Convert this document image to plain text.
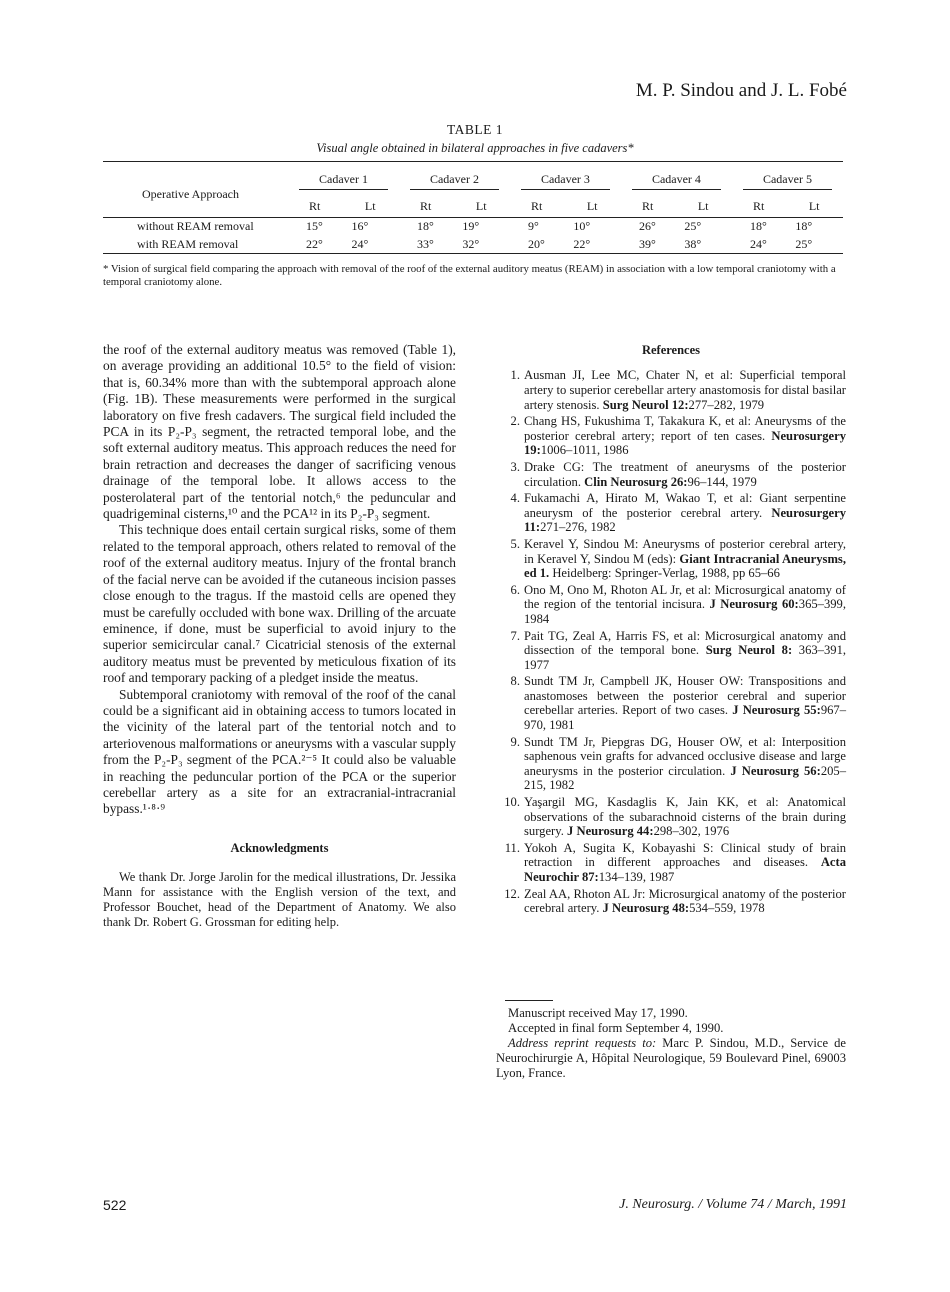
M. P. Sindou and J. L. Fobé
TABLE 1
Visual angle obtained in bilateral approaches in five cadavers*

Operative Approach	Cadaver 1		Cadaver 2		Cadaver 3		Cadaver 4		Cadaver 5	
	Rt	Lt	Rt	Lt	Rt	Lt	Rt	Lt	Rt	Lt
without REAM removal	15°	16°	18°	19°	9°	10°	26°	25°	18°	18°
with REAM removal	22°	24°	33°	32°	20°	22°	39°	38°	24°	25°
* Vision of surgical field comparing the approach with removal of the roof of the external auditory meatus (REAM) in association with a low temporal craniotomy with a temporal craniotomy alone.

the roof of the external auditory meatus was removed (Table 1), on average providing an additional 10.5° to the field of vision: that is, 60.34% more than with the subtemporal approach alone (Fig. 1B). These measurements were performed in the surgical laboratory on five fresh cadavers. The surgical field included the PCA in its P₂-P₃ segment, the retracted temporal lobe, and the soft external auditory meatus. This approach reduces the need for brain retraction and decreases the danger of sacrificing venous drainage of the temporal lobe. It allows access to the posterolateral part of the tentorial notch,⁶ the peduncular and quadrigeminal cisterns,¹⁰ and the PCA¹² in its P₂-P₃ segment.

This technique does entail certain surgical risks, some of them related to the temporal approach, others related to removal of the roof of the external auditory meatus. Injury of the frontal branch of the facial nerve can be avoided if the cutaneous incision passes close enough to the tragus. If the mastoid cells are opened they must be carefully occluded with bone wax. Drilling of the arcuate eminence, if done, must be superficial to avoid injury to the superior semicircular canal.⁷ Cicatricial stenosis of the external auditory meatus must be prevented by meticulous fixation of its roof and temporary packing of a pledget inside the meatus.

Subtemporal craniotomy with removal of the roof of the canal could be a significant aid in obtaining access to tumors located in the vicinity of the lateral part of the tentorial notch and to arteriovenous malformations or aneurysms with a vascular supply from the P₂-P₃ segment of the PCA.²⁻⁵ It could also be valuable in reaching the peduncular portion of the PCA or the superior cerebellar artery as a site for an extracranial-intracranial bypass.¹·⁸·⁹

Acknowledgments

We thank Dr. Jorge Jarolin for the medical illustrations, Dr. Jessika Mann for assistance with the English version of the text, and Professor Bouchet, head of the Department of Anatomy. We also thank Dr. Robert G. Grossman for editing help.

References
1. Ausman JI, Lee MC, Chater N, et al: Superficial temporal artery to superior cerebellar artery anastomosis for distal basilar artery stenosis. Surg Neurol 12:277–282, 1979
2. Chang HS, Fukushima T, Takakura K, et al: Aneurysms of the posterior cerebral artery; report of ten cases. Neurosurgery 19:1006–1011, 1986
3. Drake CG: The treatment of aneurysms of the posterior circulation. Clin Neurosurg 26:96–144, 1979
4. Fukamachi A, Hirato M, Wakao T, et al: Giant serpentine aneurysm of the posterior cerebral artery. Neurosurgery 11:271–276, 1982
5. Keravel Y, Sindou M: Aneurysms of posterior cerebral artery, in Keravel Y, Sindou M (eds): Giant Intracranial Aneurysms, ed 1. Heidelberg: Springer-Verlag, 1988, pp 65–66
6. Ono M, Ono M, Rhoton AL Jr, et al: Microsurgical anatomy of the region of the tentorial incisura. J Neurosurg 60:365–399, 1984
7. Pait TG, Zeal A, Harris FS, et al: Microsurgical anatomy and dissection of the temporal bone. Surg Neurol 8: 363–391, 1977
8. Sundt TM Jr, Campbell JK, Houser OW: Transpositions and anastomoses between the posterior cerebral and superior cerebellar arteries. Report of two cases. J Neurosurg 55:967–970, 1981
9. Sundt TM Jr, Piepgras DG, Houser OW, et al: Interposition saphenous vein grafts for advanced occlusive disease and large aneurysms in the posterior circulation. J Neurosurg 56:205–215, 1982
10. Yaşargil MG, Kasdaglis K, Jain KK, et al: Anatomical observations of the subarachnoid cisterns of the brain during surgery. J Neurosurg 44:298–302, 1976
11. Yokoh A, Sugita K, Kobayashi S: Clinical study of brain retraction in different approaches and diseases. Acta Neurochir 87:134–139, 1987
12. Zeal AA, Rhoton AL Jr: Microsurgical anatomy of the posterior cerebral artery. J Neurosurg 48:534–559, 1978

Manuscript received May 17, 1990.

Accepted in final form September 4, 1990.

Address reprint requests to: Marc P. Sindou, M.D., Service de Neurochirurgie A, Hôpital Neurologique, 59 Boulevard Pinel, 69003 Lyon, France.

522	J. Neurosurg. / Volume 74 / March, 1991
